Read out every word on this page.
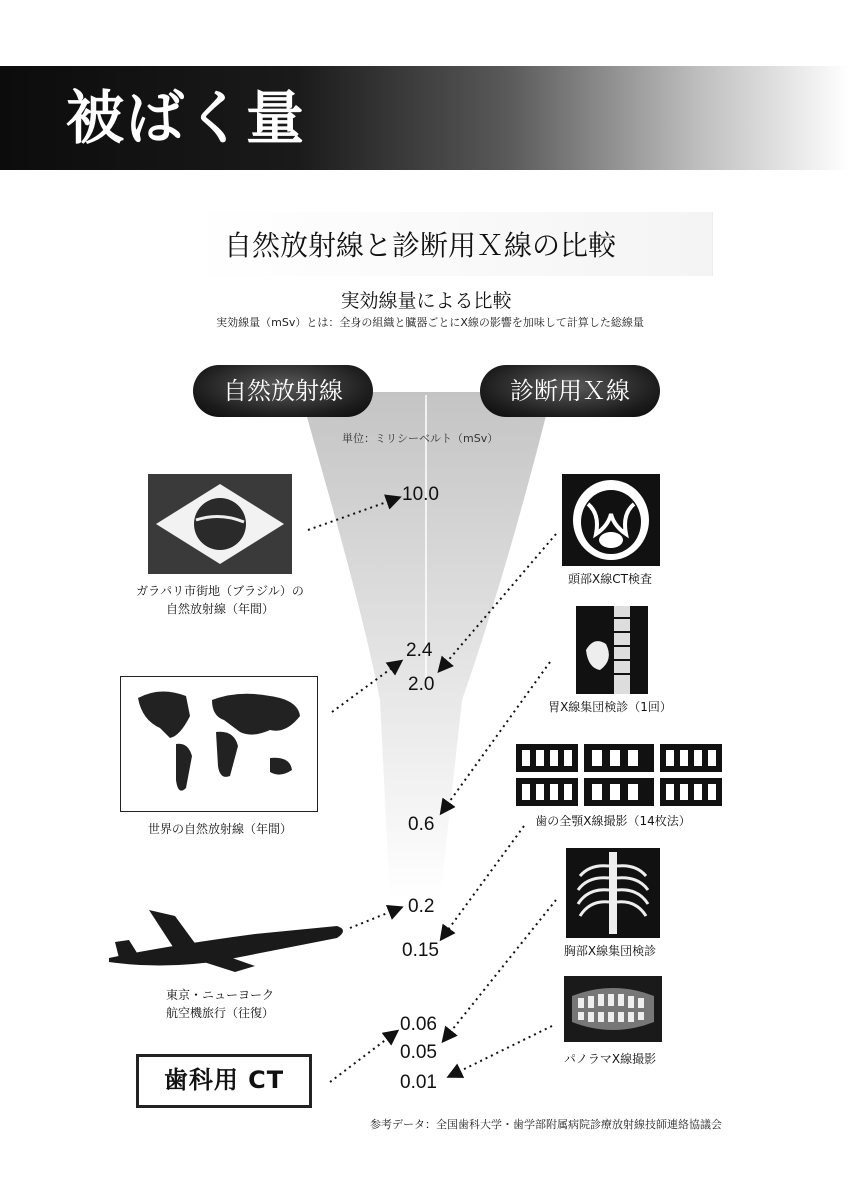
被ばく量
自然放射線と診断用Ｘ線の比較
実効線量による比較
実効線量（mSv）とは：全身の組織と臓器ごとにX線の影響を加味して計算した総線量
自然放射線	診断用Ｘ線
単位：ミリシーベルト（mSv）
ガラパリ市街地（ブラジル）の
自然放射線（年間）
世界の自然放射線（年間）
東京・ニューヨーク
航空機旅行（往復）
歯科用 CT
頭部X線CT検査
胃X線集団検診（1回）
歯の全顎X線撮影（14枚法）
胸部X線集団検診
パノラマX線撮影
10.0
2.4
2.0
0.6
0.2
0.15
0.06
0.05
0.01
参考データ：全国歯科大学・歯学部附属病院診療放射線技師連絡協議会
